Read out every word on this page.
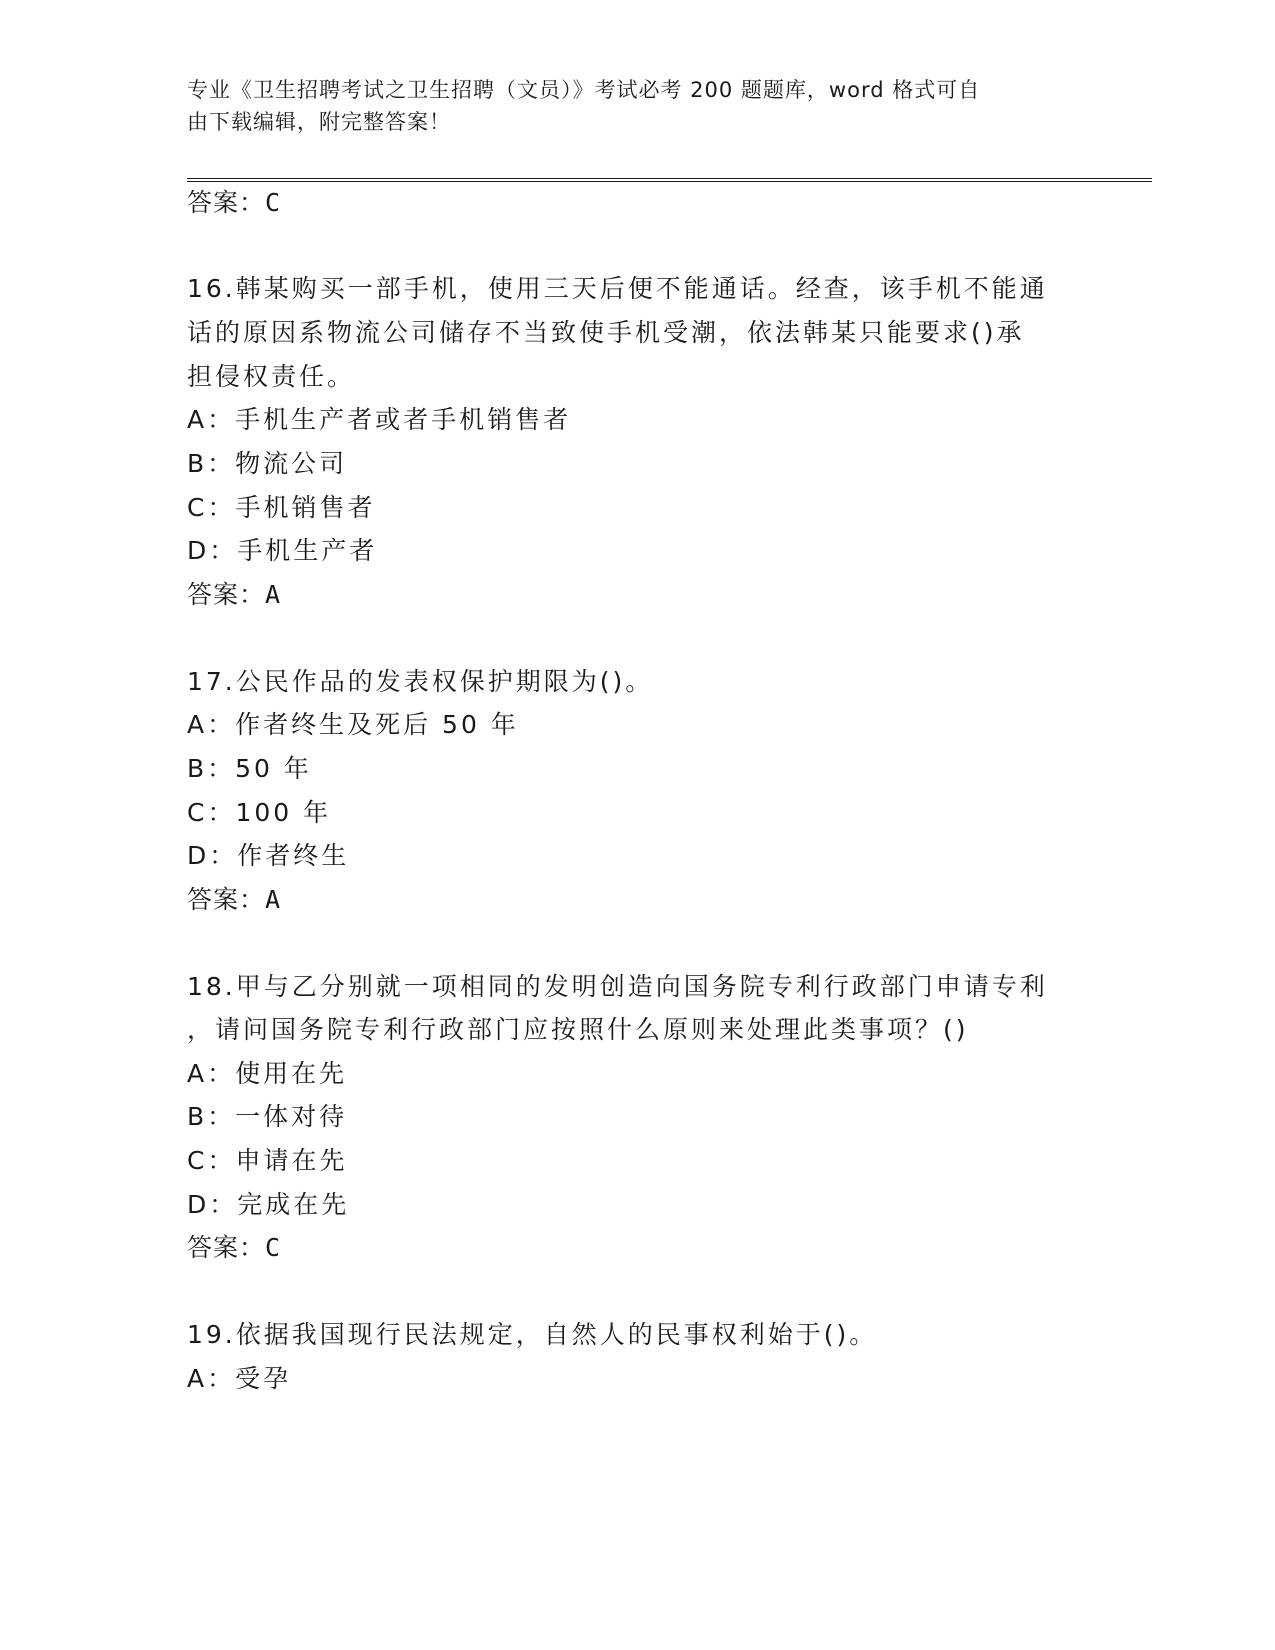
专业《卫生招聘考试之卫生招聘（文员）》考试必考 200 题题库，word 格式可自
由下载编辑，附完整答案！
答案：C
16.韩某购买一部手机，使用三天后便不能通话。经查，该手机不能通
话的原因系物流公司储存不当致使手机受潮，依法韩某只能要求()承
担侵权责任。
A：手机生产者或者手机销售者
B：物流公司
C：手机销售者
D：手机生产者
答案：A
17.公民作品的发表权保护期限为()。
A：作者终生及死后 50 年
B：50 年
C：100 年
D：作者终生
答案：A
18.甲与乙分别就一项相同的发明创造向国务院专利行政部门申请专利
，请问国务院专利行政部门应按照什么原则来处理此类事项？()
A：使用在先
B：一体对待
C：申请在先
D：完成在先
答案：C
19.依据我国现行民法规定，自然人的民事权利始于()。
A：受孕
